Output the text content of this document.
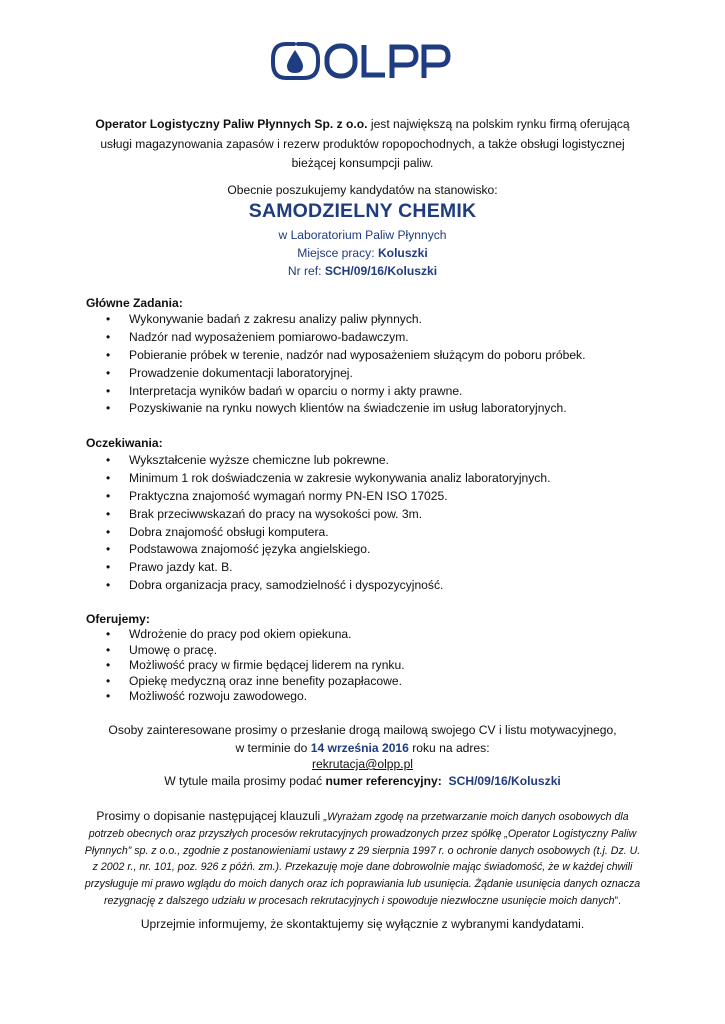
Operator Logistyczny Paliw Płynnych Sp. z o.o. jest największą na polskim rynku firmą oferującą usługi magazynowania zapasów i rezerw produktów ropopochodnych, a także obsługi logistycznej bieżącej konsumpcji paliw.
Obecnie poszukujemy kandydatów na stanowisko:
SAMODZIELNY CHEMIK
w Laboratorium Paliw Płynnych
Miejsce pracy: Koluszki
Nr ref: SCH/09/16/Koluszki
Główne Zadania:
• Wykonywanie badań z zakresu analizy paliw płynnych.
• Nadzór nad wyposażeniem pomiarowo-badawczym.
• Pobieranie próbek w terenie, nadzór nad wyposażeniem służącym do poboru próbek.
• Prowadzenie dokumentacji laboratoryjnej.
• Interpretacja wyników badań w oparciu o normy i akty prawne.
• Pozyskiwanie na rynku nowych klientów na świadczenie im usług laboratoryjnych.
Oczekiwania:
• Wykształcenie wyższe chemiczne lub pokrewne.
• Minimum 1 rok doświadczenia w zakresie wykonywania analiz laboratoryjnych.
• Praktyczna znajomość wymagań normy PN-EN ISO 17025.
• Brak przeciwwskazań do pracy na wysokości pow. 3m.
• Dobra znajomość obsługi komputera.
• Podstawowa znajomość języka angielskiego.
• Prawo jazdy kat. B.
• Dobra organizacja pracy, samodzielność i dyspozycyjność.
Oferujemy:
• Wdrożenie do pracy pod okiem opiekuna.
• Umowę o pracę.
• Możliwość pracy w firmie będącej liderem na rynku.
• Opiekę medyczną oraz inne benefity pozapłacowe.
• Możliwość rozwoju zawodowego.
Osoby zainteresowane prosimy o przesłanie drogą mailową swojego CV i listu motywacyjnego,
w terminie do 14 września 2016 roku na adres:
rekrutacja@olpp.pl
W tytule maila prosimy podać numer referencyjny:  SCH/09/16/Koluszki
Prosimy o dopisanie następującej klauzuli „Wyrażam zgodę na przetwarzanie moich danych osobowych dla potrzeb obecnych oraz przyszłych procesów rekrutacyjnych prowadzonych przez spółkę „Operator Logistyczny Paliw Płynnych” sp. z o.o., zgodnie z postanowieniami ustawy z 29 sierpnia 1997 r. o ochronie danych osobowych (t.j. Dz. U. z 2002 r., nr. 101, poz. 926 z późń. zm.). Przekazuję moje dane dobrowolnie mając świadomość, że w każdej chwili przysługuje mi prawo wglądu do moich danych oraz ich poprawiania lub usunięcia. Żądanie usunięcia danych oznacza rezygnację z dalszego udziału w procesach rekrutacyjnych i spowoduje niezwłoczne usunięcie moich danych”.
Uprzejmie informujemy, że skontaktujemy się wyłącznie z wybranymi kandydatami.
